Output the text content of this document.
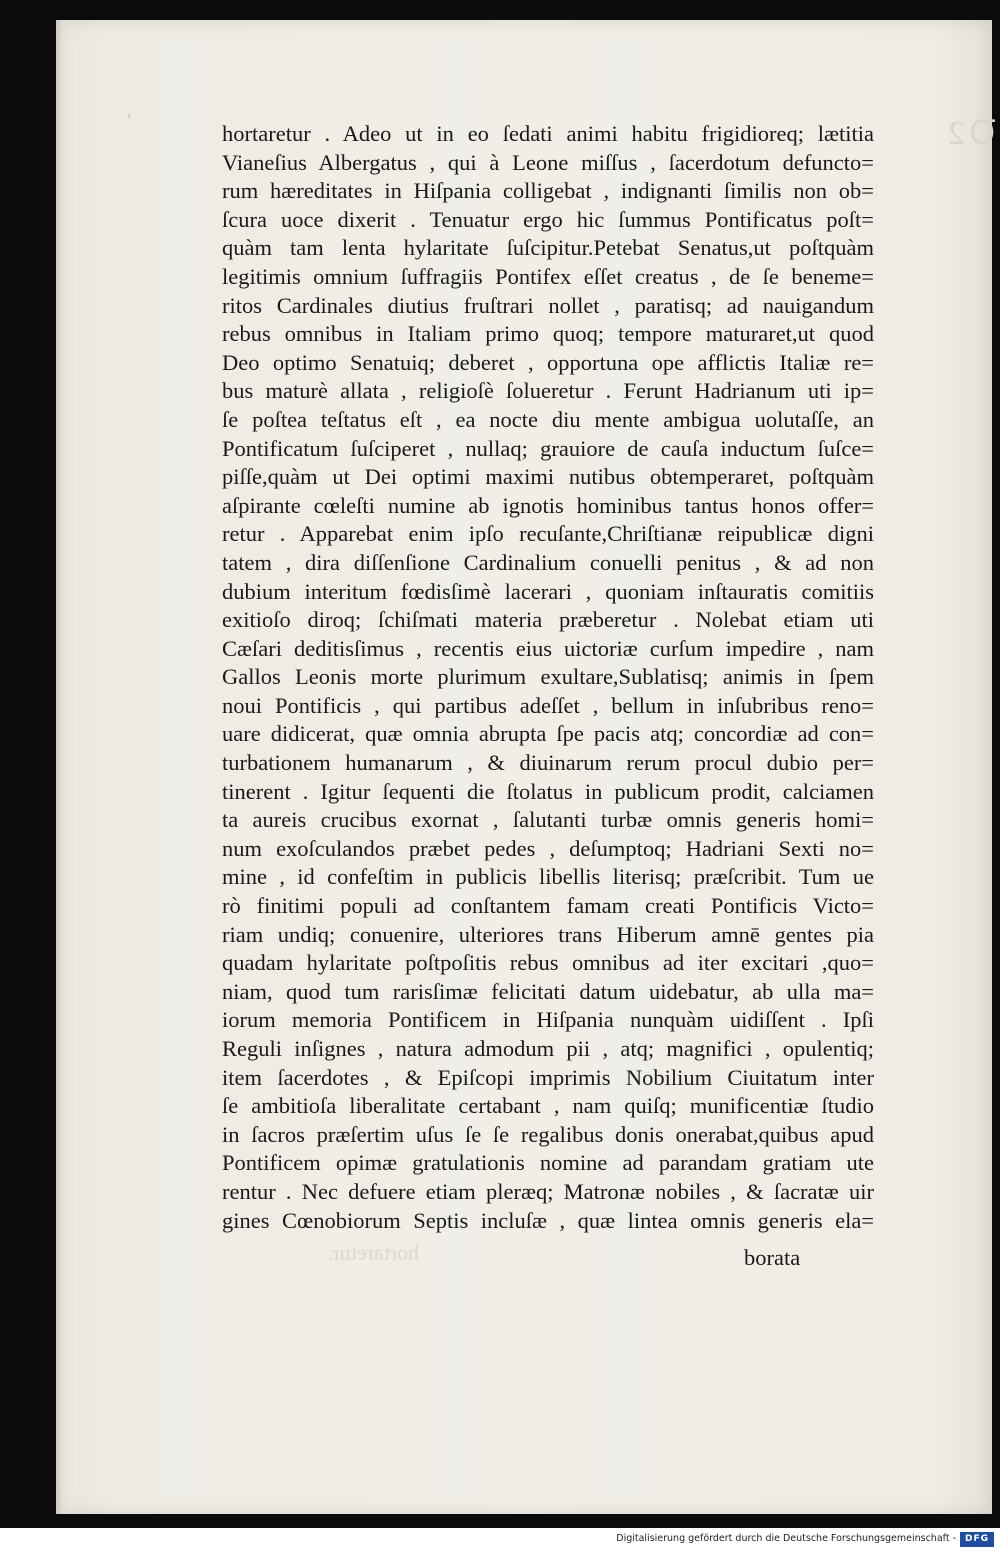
Ꝺ2
ꞌ
hortaretur . Adeo ut in eo ſedati animi habitu frigidioreq; lætitia
Vianeſius Albergatus , qui à Leone miſſus , ſacerdotum defuncto=
rum hæreditates in Hiſpania colligebat , indignanti ſimilis non ob=
ſcura uoce dixerit . Tenuatur ergo hic ſummus Pontificatus poſt=
quàm tam lenta hylaritate ſuſcipitur.Petebat Senatus,ut poſtquàm
legitimis omnium ſuffragiis Pontifex eſſet creatus , de ſe beneme=
ritos Cardinales diutius fruſtrari nollet , paratisq; ad nauigandum
rebus omnibus in Italiam primo quoq; tempore maturaret,ut quod
Deo optimo Senatuiq; deberet , opportuna ope afflictis Italiæ re=
bus maturè allata , religioſè ſolueretur . Ferunt Hadrianum uti ip=
ſe poſtea teſtatus eſt , ea nocte diu mente ambigua uolutaſſe, an
Pontificatum ſuſciperet , nullaq; grauiore de cauſa inductum ſuſce=
piſſe,quàm ut Dei optimi maximi nutibus obtemperaret, poſtquàm
aſpirante cœleſti numine ab ignotis hominibus tantus honos offer=
retur . Apparebat enim ipſo recuſante,Chriſtianæ reipublicæ digni
tatem , dira diſſenſione Cardinalium conuelli penitus , & ad non
dubium interitum fœdisſimè lacerari , quoniam inſtauratis comitiis
exitioſo diroq; ſchiſmati materia præberetur . Nolebat etiam uti
Cæſari deditisſimus , recentis eius uictoriæ curſum impedire , nam
Gallos Leonis morte plurimum exultare,Sublatisq; animis in ſpem
noui Pontificis , qui partibus adeſſet , bellum in inſubribus reno=
uare didicerat, quæ omnia abrupta ſpe pacis atq; concordiæ ad con=
turbationem humanarum , & diuinarum rerum procul dubio per=
tinerent . Igitur ſequenti die ſtolatus in publicum prodit, calciamen
ta aureis crucibus exornat , ſalutanti turbæ omnis generis homi=
num exoſculandos præbet pedes , deſumptoq; Hadriani Sexti no=
mine , id confeſtim in publicis libellis literisq; præſcribit. Tum ue
rò finitimi populi ad conſtantem famam creati Pontificis Victo=
riam undiq; conuenire, ulteriores trans Hiberum amnē gentes pia
quadam hylaritate poſtpoſitis rebus omnibus ad iter excitari ,quo=
niam, quod tum rarisſimæ felicitati datum uidebatur, ab ulla ma=
iorum memoria Pontificem in Hiſpania nunquàm uidiſſent . Ipſi
Reguli inſignes , natura admodum pii , atq; magnifici , opulentiq;
item ſacerdotes , & Epiſcopi imprimis Nobilium Ciuitatum inter
ſe ambitioſa liberalitate certabant , nam quiſq; munificentiæ ſtudio
in ſacros præſertim uſus ſe ſe regalibus donis onerabat,quibus apud
Pontificem opimæ gratulationis nomine ad parandam gratiam ute
rentur . Nec defuere etiam pleræq; Matronæ nobiles , & ſacratæ uir
gines Cœnobiorum Septis incluſæ , quæ lintea omnis generis ela=
hortaretur.	borata
Digitalisierung gefördert durch die Deutsche Forschungsgemeinschaft - DFG
